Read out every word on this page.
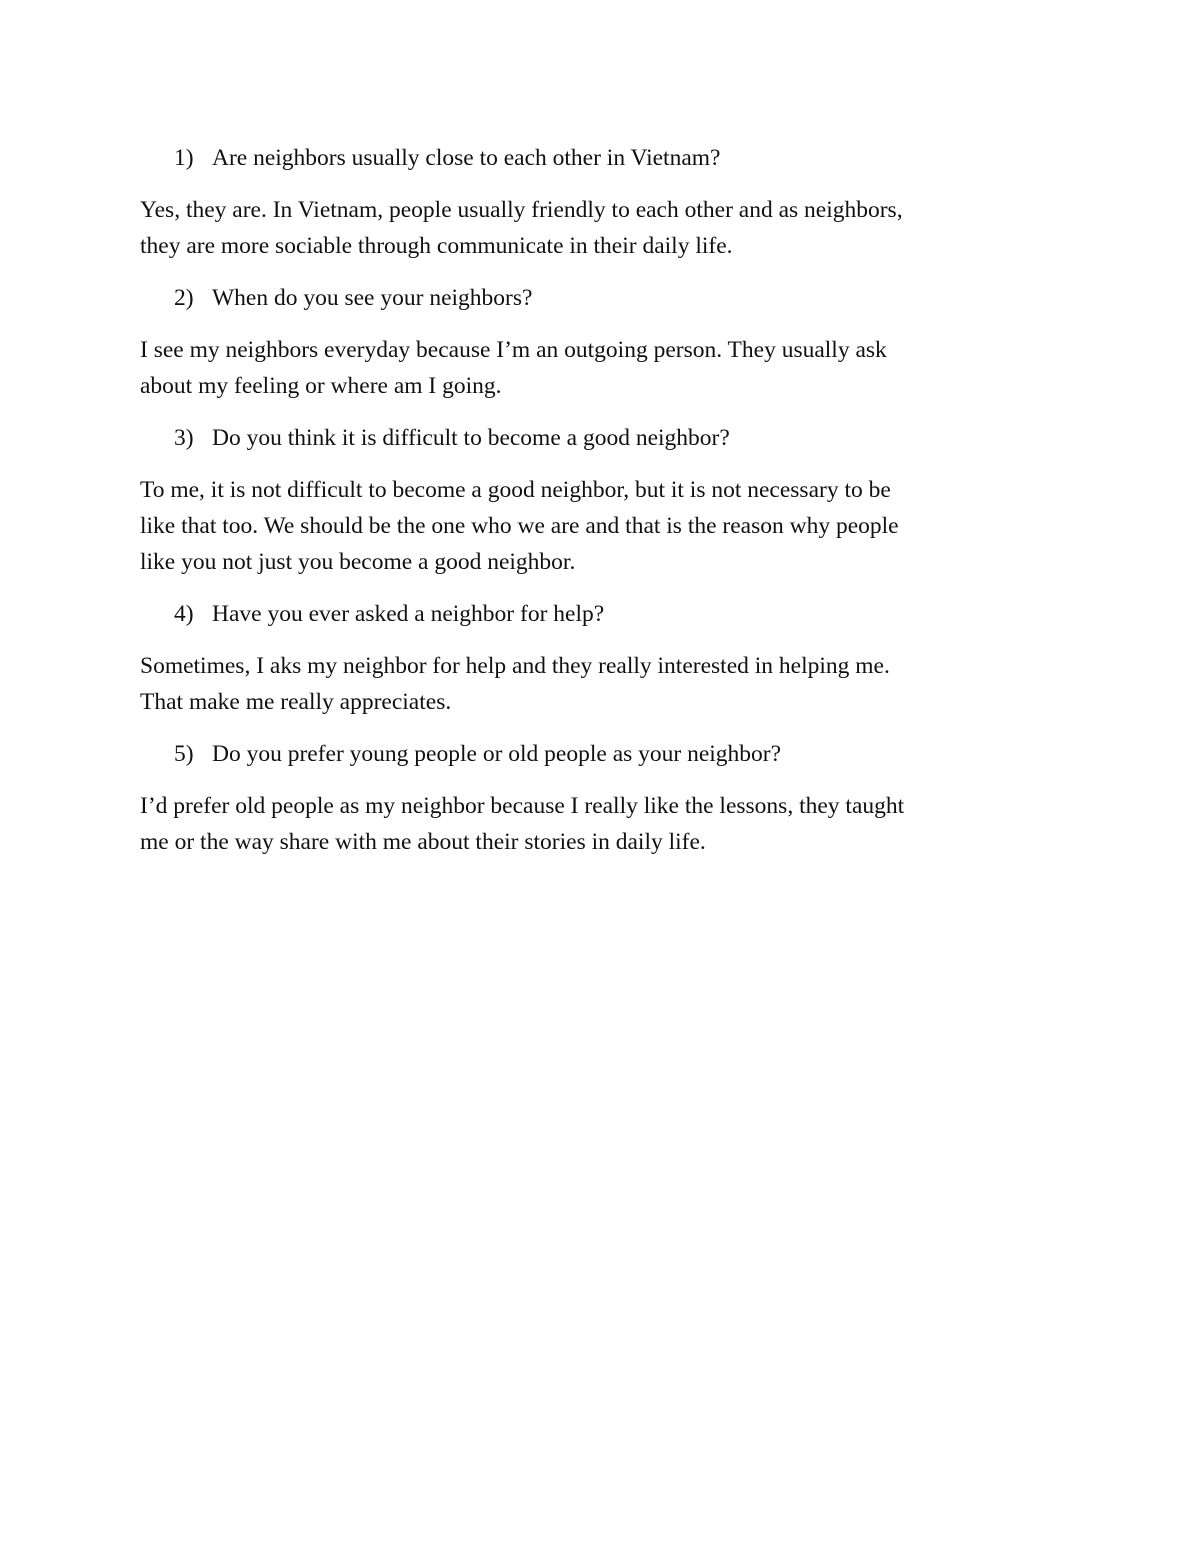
1) Are neighbors usually close to each other in Vietnam?
Yes, they are. In Vietnam, people usually friendly to each other and as neighbors,
they are more sociable through communicate in their daily life.
2) When do you see your neighbors?
I see my neighbors everyday because I’m an outgoing person. They usually ask
about my feeling or where am I going.
3) Do you think it is difficult to become a good neighbor?
To me, it is not difficult to become a good neighbor, but it is not necessary to be
like that too. We should be the one who we are and that is the reason why people
like you not just you become a good neighbor.
4) Have you ever asked a neighbor for help?
Sometimes, I aks my neighbor for help and they really interested in helping me.
That make me really appreciates.
5) Do you prefer young people or old people as your neighbor?
I’d prefer old people as my neighbor because I really like the lessons, they taught
me or the way share with me about their stories in daily life.
